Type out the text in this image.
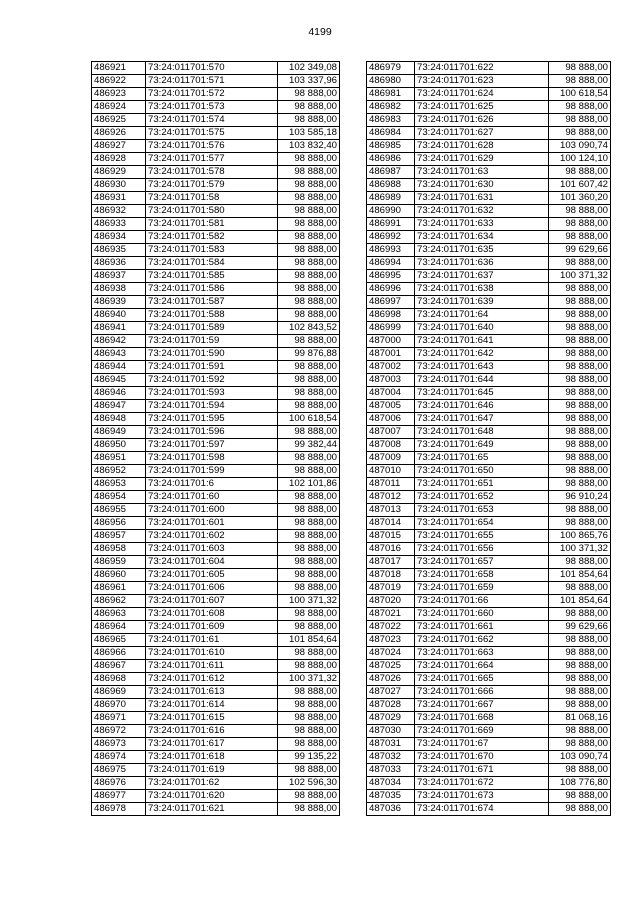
4199
486921	73:24:011701:570	102 349,08
486922	73:24:011701:571	103 337,96
486923	73:24:011701:572	98 888,00
486924	73:24:011701:573	98 888,00
486925	73:24:011701:574	98 888,00
486926	73:24:011701:575	103 585,18
486927	73:24:011701:576	103 832,40
486928	73:24:011701:577	98 888,00
486929	73:24:011701:578	98 888,00
486930	73:24:011701:579	98 888,00
486931	73:24:011701:58	98 888,00
486932	73:24:011701:580	98 888,00
486933	73:24:011701:581	98 888,00
486934	73:24:011701:582	98 888,00
486935	73:24:011701:583	98 888,00
486936	73:24:011701:584	98 888,00
486937	73:24:011701:585	98 888,00
486938	73:24:011701:586	98 888,00
486939	73:24:011701:587	98 888,00
486940	73:24:011701:588	98 888,00
486941	73:24:011701:589	102 843,52
486942	73:24:011701:59	98 888,00
486943	73:24:011701:590	99 876,88
486944	73:24:011701:591	98 888,00
486945	73:24:011701:592	98 888,00
486946	73:24:011701:593	98 888,00
486947	73:24:011701:594	98 888,00
486948	73:24:011701:595	100 618,54
486949	73:24:011701:596	98 888,00
486950	73:24:011701:597	99 382,44
486951	73:24:011701:598	98 888,00
486952	73:24:011701:599	98 888,00
486953	73:24:011701:6	102 101,86
486954	73:24:011701:60	98 888,00
486955	73:24:011701:600	98 888,00
486956	73:24:011701:601	98 888,00
486957	73:24:011701:602	98 888,00
486958	73:24:011701:603	98 888,00
486959	73:24:011701:604	98 888,00
486960	73:24:011701:605	98 888,00
486961	73:24:011701:606	98 888,00
486962	73:24:011701:607	100 371,32
486963	73:24:011701:608	98 888,00
486964	73:24:011701:609	98 888,00
486965	73:24:011701:61	101 854,64
486966	73:24:011701:610	98 888,00
486967	73:24:011701:611	98 888,00
486968	73:24:011701:612	100 371,32
486969	73:24:011701:613	98 888,00
486970	73:24:011701:614	98 888,00
486971	73:24:011701:615	98 888,00
486972	73:24:011701:616	98 888,00
486973	73:24:011701:617	98 888,00
486974	73:24:011701:618	99 135,22
486975	73:24:011701:619	98 888,00
486976	73:24:011701:62	102 596,30
486977	73:24:011701:620	98 888,00
486978	73:24:011701:621	98 888,00
486979	73:24:011701:622	98 888,00
486980	73:24:011701:623	98 888,00
486981	73:24:011701:624	100 618,54
486982	73:24:011701:625	98 888,00
486983	73:24:011701:626	98 888,00
486984	73:24:011701:627	98 888,00
486985	73:24:011701:628	103 090,74
486986	73:24:011701:629	100 124,10
486987	73:24:011701:63	98 888,00
486988	73:24:011701:630	101 607,42
486989	73:24:011701:631	101 360,20
486990	73:24:011701:632	98 888,00
486991	73:24:011701:633	98 888,00
486992	73:24:011701:634	98 888,00
486993	73:24:011701:635	99 629,66
486994	73:24:011701:636	98 888,00
486995	73:24:011701:637	100 371,32
486996	73:24:011701:638	98 888,00
486997	73:24:011701:639	98 888,00
486998	73:24:011701:64	98 888,00
486999	73:24:011701:640	98 888,00
487000	73:24:011701:641	98 888,00
487001	73:24:011701:642	98 888,00
487002	73:24:011701:643	98 888,00
487003	73:24:011701:644	98 888,00
487004	73:24:011701:645	98 888,00
487005	73:24:011701:646	98 888,00
487006	73:24:011701:647	98 888,00
487007	73:24:011701:648	98 888,00
487008	73:24:011701:649	98 888,00
487009	73:24:011701:65	98 888,00
487010	73:24:011701:650	98 888,00
487011	73:24:011701:651	98 888,00
487012	73:24:011701:652	96 910,24
487013	73:24:011701:653	98 888,00
487014	73:24:011701:654	98 888,00
487015	73:24:011701:655	100 865,76
487016	73:24:011701:656	100 371,32
487017	73:24:011701:657	98 888,00
487018	73:24:011701:658	101 854,64
487019	73:24:011701:659	98 888,00
487020	73:24:011701:66	101 854,64
487021	73:24:011701:660	98 888,00
487022	73:24:011701:661	99 629,66
487023	73:24:011701:662	98 888,00
487024	73:24:011701:663	98 888,00
487025	73:24:011701:664	98 888,00
487026	73:24:011701:665	98 888,00
487027	73:24:011701:666	98 888,00
487028	73:24:011701:667	98 888,00
487029	73:24:011701:668	81 068,16
487030	73:24:011701:669	98 888,00
487031	73:24:011701:67	98 888,00
487032	73:24:011701:670	103 090,74
487033	73:24:011701:671	98 888,00
487034	73:24:011701:672	108 776,80
487035	73:24:011701:673	98 888,00
487036	73:24:011701:674	98 888,00
